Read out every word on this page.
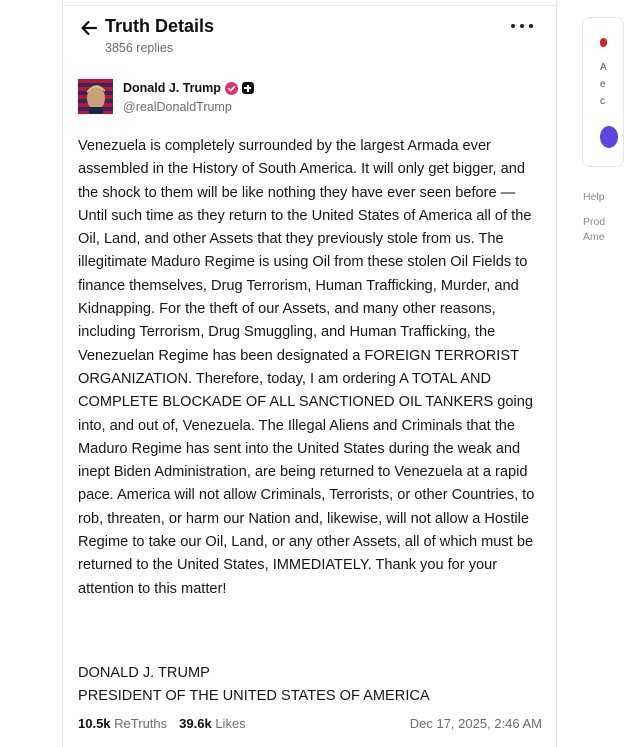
Truth Details
3856 replies
Donald J. Trump
@realDonaldTrump
Venezuela is completely surrounded by the largest Armada ever assembled in the History of South America. It will only get bigger, and the shock to them will be like nothing they have ever seen before — Until such time as they return to the United States of America all of the Oil, Land, and other Assets that they previously stole from us. The illegitimate Maduro Regime is using Oil from these stolen Oil Fields to finance themselves, Drug Terrorism, Human Trafficking, Murder, and Kidnapping. For the theft of our Assets, and many other reasons, including Terrorism, Drug Smuggling, and Human Trafficking, the Venezuelan Regime has been designated a FOREIGN TERRORIST ORGANIZATION. Therefore, today, I am ordering A TOTAL AND COMPLETE BLOCKADE OF ALL SANCTIONED OIL TANKERS going into, and out of, Venezuela. The Illegal Aliens and Criminals that the Maduro Regime has sent into the United States during the weak and inept Biden Administration, are being returned to Venezuela at a rapid pace. America will not allow Criminals, Terrorists, or other Countries, to rob, threaten, or harm our Nation and, likewise, will not allow a Hostile Regime to take our Oil, Land, or any other Assets, all of which must be returned to the United States, IMMEDIATELY. Thank you for your attention to this matter!
DONALD J. TRUMP
PRESIDENT OF THE UNITED STATES OF AMERICA
10.5k ReTruths 39.6k Likes	Dec 17, 2025, 2:46 AM
A
e
c
Help
Prod
Ame
